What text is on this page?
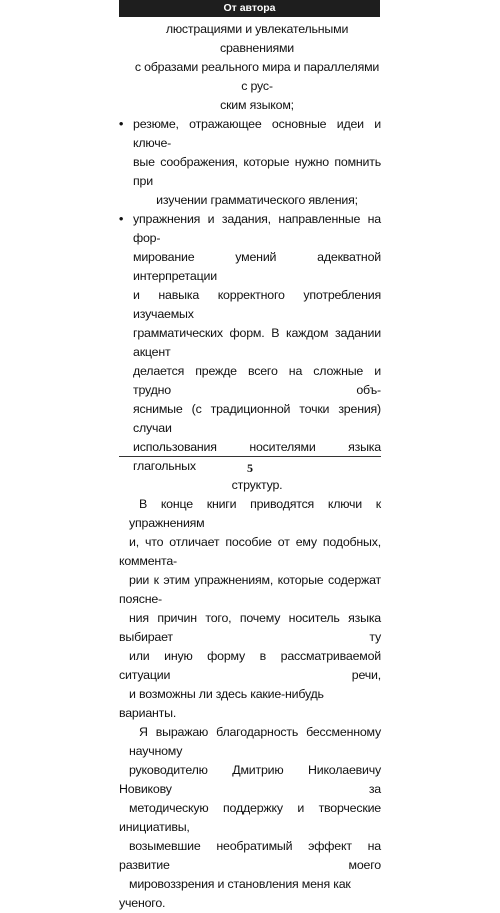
От автора
люстрациями и увлекательными сравнениями
с образами реального мира и параллелями с рус-
ским языком;
• резюме, отражающее основные идеи и ключе-
вые соображения, которые нужно помнить при
изучении грамматического явления;
• упражнения и задания, направленные на фор-
мирование умений адекватной интерпретации
и навыка корректного употребления изучаемых
грамматических форм. В каждом задании акцент
делается прежде всего на сложные и трудно объ-
яснимые (с традиционной точки зрения) случаи
использования носителями языка глагольных
структур.
В конце книги приводятся ключи к упражнениям
и, что отличает пособие от ему подобных, коммента-
рии к этим упражнениям, которые содержат поясне-
ния причин того, почему носитель языка выбирает ту
или иную форму в рассматриваемой ситуации речи,
и возможны ли здесь какие-нибудь варианты.
Я выражаю благодарность бессменному научному
руководителю Дмитрию Николаевичу Новикову за
методическую поддержку и творческие инициативы,
возымевшие необратимый эффект на развитие моего
мировоззрения и становления меня как ученого.
5
